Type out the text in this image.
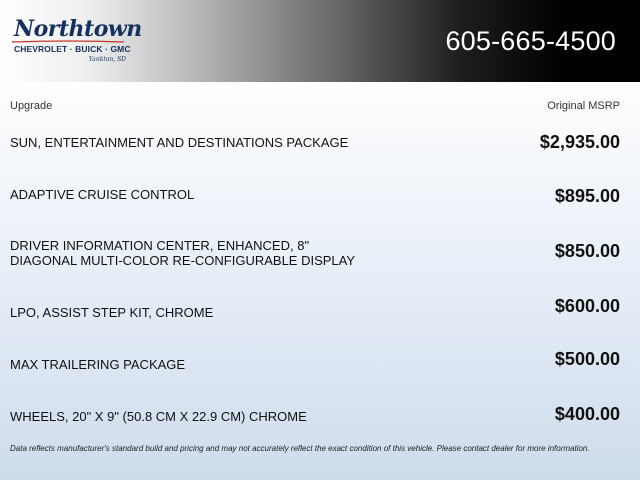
Northtown
CHEVROLET · BUICK · GMC
Yankton, SD
605-665-4500
Upgrade	Original MSRP
SUN, ENTERTAINMENT AND DESTINATIONS PACKAGE	$2,935.00
ADAPTIVE CRUISE CONTROL	$895.00
DRIVER INFORMATION CENTER, ENHANCED, 8" DIAGONAL MULTI-COLOR RE-CONFIGURABLE DISPLAY	$850.00
LPO, ASSIST STEP KIT, CHROME	$600.00
MAX TRAILERING PACKAGE	$500.00
WHEELS, 20" X 9" (50.8 CM X 22.9 CM) CHROME	$400.00
Data reflects manufacturer's standard build and pricing and may not accurately reflect the exact condition of this vehicle. Please contact dealer for more information.
